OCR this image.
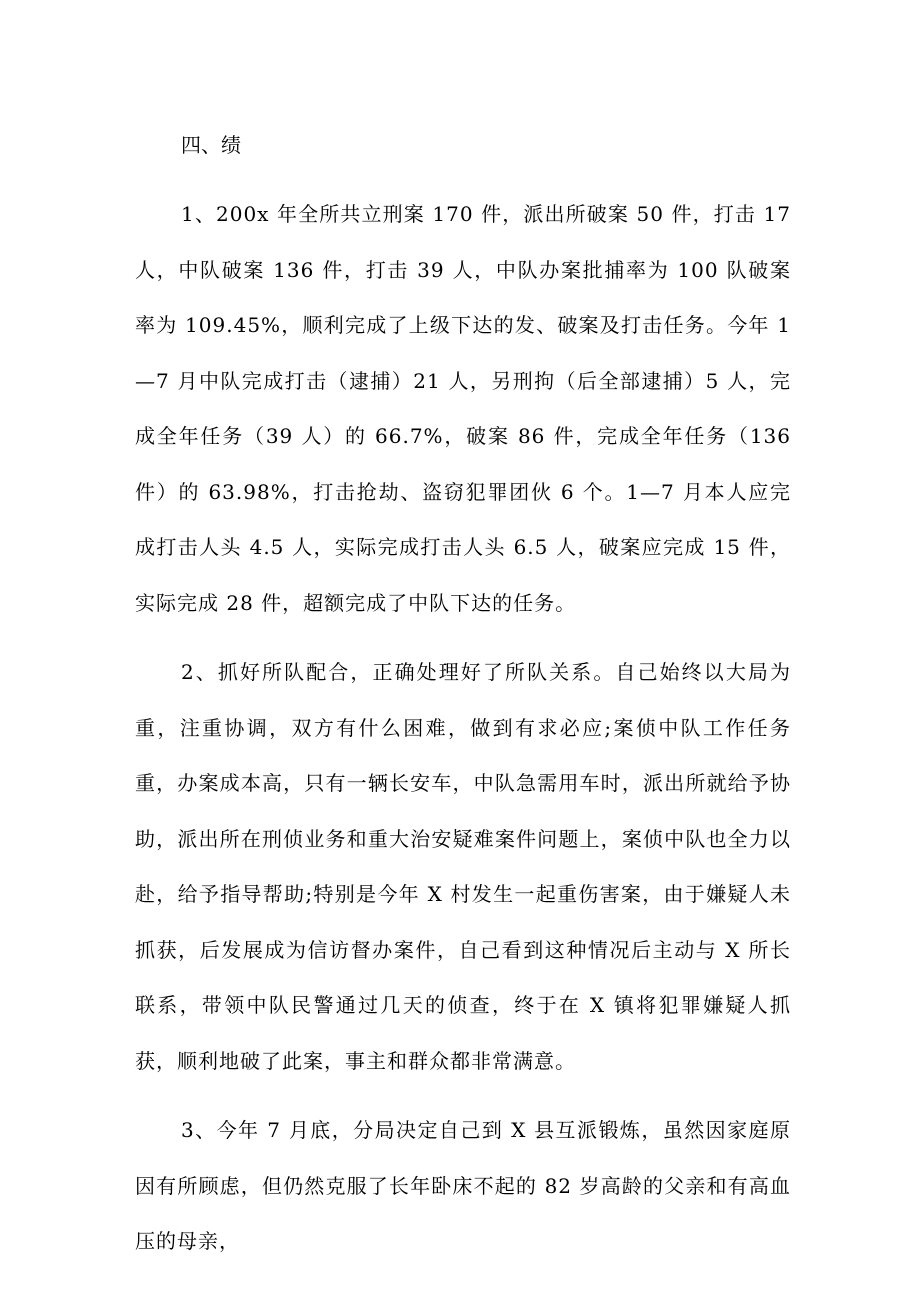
四、绩

1、200x 年全所共立刑案 170 件，派出所破案 50 件，打击 17 人，中队破案 136 件，打击 39 人，中队办案批捕率为 100 队破案率为 109.45%，顺利完成了上级下达的发、破案及打击任务。今年 1—7 月中队完成打击（逮捕）21 人，另刑拘（后全部逮捕）5 人，完成全年任务（39 人）的 66.7%，破案 86 件，完成全年任务（136 件）的 63.98%，打击抢劫、盗窃犯罪团伙 6 个。1—7 月本人应完成打击人头 4.5 人，实际完成打击人头 6.5 人，破案应完成 15 件，实际完成 28 件，超额完成了中队下达的任务。

2、抓好所队配合，正确处理好了所队关系。自己始终以大局为重，注重协调，双方有什么困难，做到有求必应;案侦中队工作任务重，办案成本高，只有一辆长安车，中队急需用车时，派出所就给予协助，派出所在刑侦业务和重大治安疑难案件问题上，案侦中队也全力以赴，给予指导帮助;特别是今年 X 村发生一起重伤害案，由于嫌疑人未抓获，后发展成为信访督办案件，自己看到这种情况后主动与 X 所长联系，带领中队民警通过几天的侦查，终于在 X 镇将犯罪嫌疑人抓获，顺利地破了此案，事主和群众都非常满意。

3、今年 7 月底，分局决定自己到 X 县互派锻炼，虽然因家庭原因有所顾虑，但仍然克服了长年卧床不起的 82 岁高龄的父亲和有高血压的母亲，
